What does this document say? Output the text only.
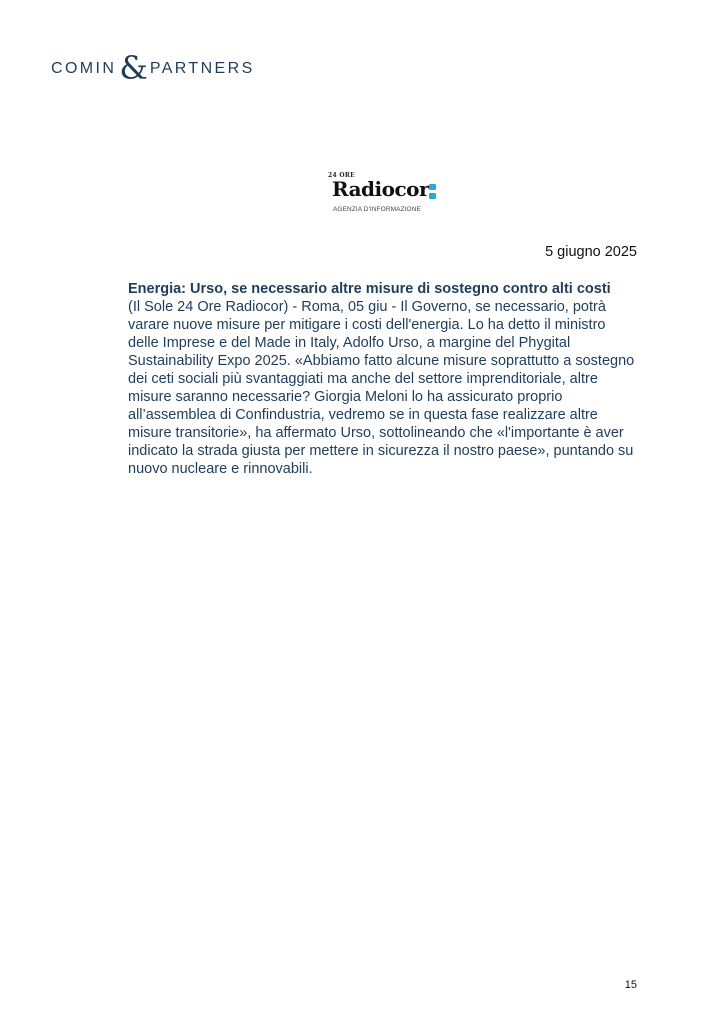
COMIN & PARTNERS
24 ORE
Radiocor
AGENZIA D'INFORMAZIONE
5 giugno 2025

Energia: Urso, se necessario altre misure di sostegno contro alti costi

(Il Sole 24 Ore Radiocor) - Roma, 05 giu - Il Governo, se necessario, potrà varare nuove misure per mitigare i costi dell'energia. Lo ha detto il ministro delle Imprese e del Made in Italy, Adolfo Urso, a margine del Phygital Sustainability Expo 2025. «Abbiamo fatto alcune misure soprattutto a sostegno dei ceti sociali più svantaggiati ma anche del settore imprenditoriale, altre misure saranno necessarie? Giorgia Meloni lo ha assicurato proprio all’assemblea di Confindustria, vedremo se in questa fase realizzare altre misure transitorie», ha affermato Urso, sottolineando che «l'importante è aver indicato la strada giusta per mettere in sicurezza il nostro paese», puntando su nuovo nucleare e rinnovabili.

15
